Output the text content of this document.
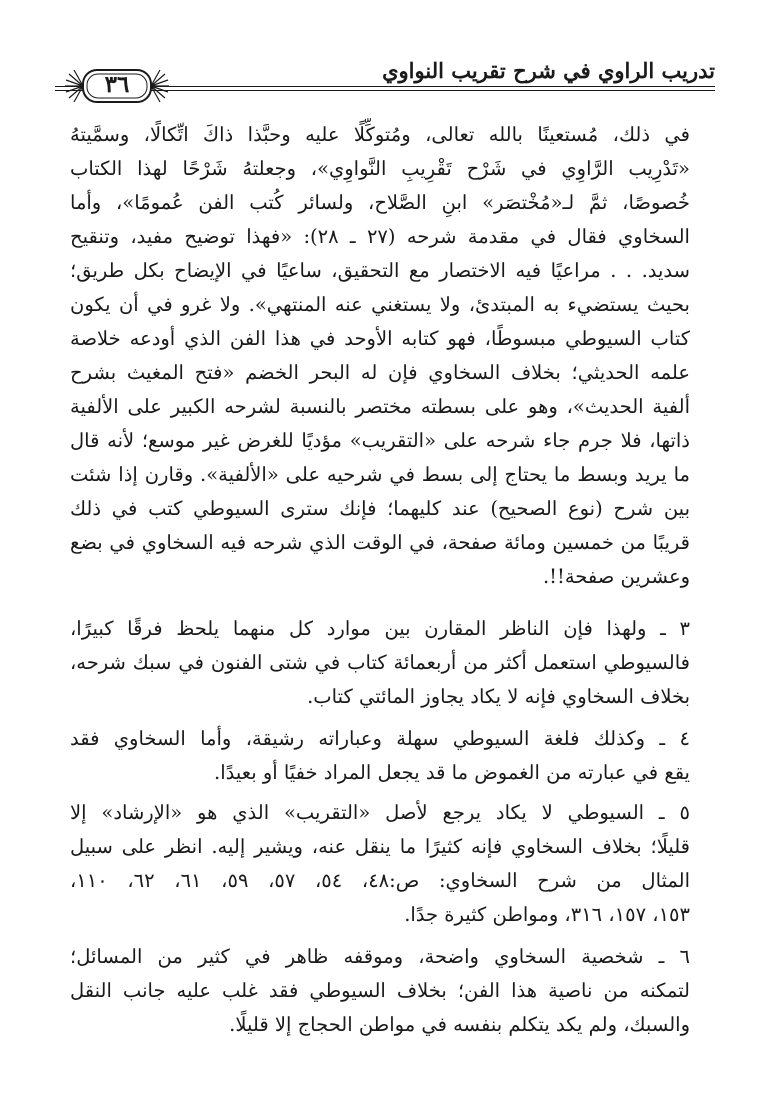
تدريب الراوي في شرح تقريب النواوي
٣٦
في ذلك، مُستعينًا بالله تعالى، ومُتوكِّلًا عليه وحبَّذا ذاكَ اتِّكالًا، وسمَّيتهُ
«تَدْرِيب الرَّاوِي في شَرْح تَقْرِيبِ النَّواوِي»، وجعلتهُ شَرْحًا لهذا الكتاب
خُصوصًا، ثمَّ لـ«مُخْتصَر» ابنِ الصَّلاح، ولسائر كُتب الفن عُمومًا»، وأما
السخاوي فقال في مقدمة شرحه (٢٧ ـ ٢٨): «فهذا توضيح مفيد، وتنقيح
سديد. . . مراعيًا فيه الاختصار مع التحقيق، ساعيًا في الإيضاح بكل طريق؛
بحيث يستضيء به المبتدئ، ولا يستغني عنه المنتهي». ولا غرو في أن يكون
كتاب السيوطي مبسوطًا، فهو كتابه الأوحد في هذا الفن الذي أودعه خلاصة
علمه الحديثي؛ بخلاف السخاوي فإن له البحر الخضم «فتح المغيث بشرح
ألفية الحديث»، وهو على بسطته مختصر بالنسبة لشرحه الكبير على الألفية
ذاتها، فلا جرم جاء شرحه على «التقريب» مؤديًا للغرض غير موسع؛ لأنه قال
ما يريد وبسط ما يحتاج إلى بسط في شرحيه على «الألفية». وقارن إذا شئت
بين شرح (نوع الصحيح) عند كليهما؛ فإنك سترى السيوطي كتب في ذلك
قريبًا من خمسين ومائة صفحة، في الوقت الذي شرحه فيه السخاوي في بضع
وعشرين صفحة!!.
٣ ـ ولهذا فإن الناظر المقارن بين موارد كل منهما يلحظ فرقًا كبيرًا،
فالسيوطي استعمل أكثر من أربعمائة كتاب في شتى الفنون في سبك شرحه،
بخلاف السخاوي فإنه لا يكاد يجاوز المائتي كتاب.
٤ ـ وكذلك فلغة السيوطي سهلة وعباراته رشيقة، وأما السخاوي فقد
يقع في عبارته من الغموض ما قد يجعل المراد خفيًا أو بعيدًا.
٥ ـ السيوطي لا يكاد يرجع لأصل «التقريب» الذي هو «الإرشاد» إلا
قليلًا؛ بخلاف السخاوي فإنه كثيرًا ما ينقل عنه، ويشير إليه. انظر على سبيل
المثال من شرح السخاوي: ص:٤٨، ٥٤، ٥٧، ٥٩، ٦١، ٦٢، ١١٠،
١٥٣، ١٥٧، ٣١٦، ومواطن كثيرة جدًا.
٦ ـ شخصية السخاوي واضحة، وموقفه ظاهر في كثير من المسائل؛
لتمكنه من ناصية هذا الفن؛ بخلاف السيوطي فقد غلب عليه جانب النقل
والسبك، ولم يكد يتكلم بنفسه في مواطن الحجاج إلا قليلًا.
